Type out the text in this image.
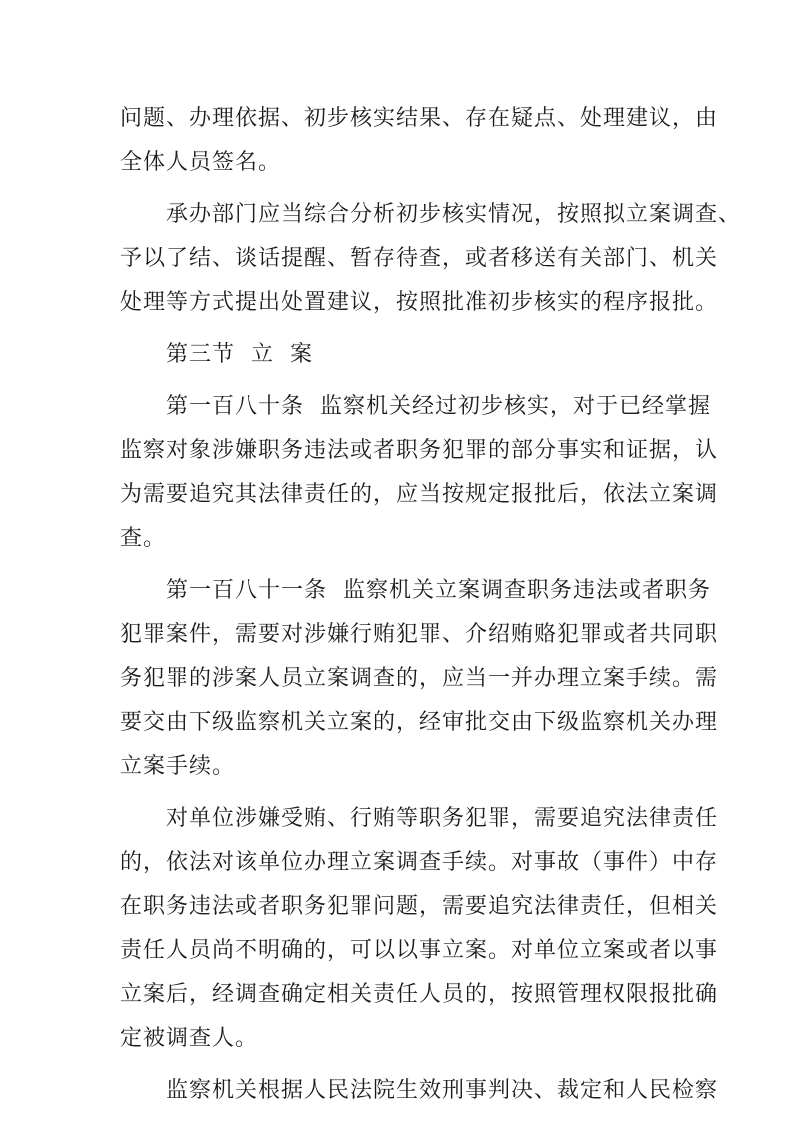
问题、办理依据、初步核实结果、存在疑点、处理建议，由
全体人员签名。
承办部门应当综合分析初步核实情况，按照拟立案调查、
予以了结、谈话提醒、暂存待查，或者移送有关部门、机关
处理等方式提出处置建议，按照批准初步核实的程序报批。
第三节  立  案
第一百八十条  监察机关经过初步核实，对于已经掌握
监察对象涉嫌职务违法或者职务犯罪的部分事实和证据，认
为需要追究其法律责任的，应当按规定报批后，依法立案调
查。
第一百八十一条  监察机关立案调查职务违法或者职务
犯罪案件，需要对涉嫌行贿犯罪、介绍贿赂犯罪或者共同职
务犯罪的涉案人员立案调查的，应当一并办理立案手续。需
要交由下级监察机关立案的，经审批交由下级监察机关办理
立案手续。
对单位涉嫌受贿、行贿等职务犯罪，需要追究法律责任
的，依法对该单位办理立案调查手续。对事故（事件）中存
在职务违法或者职务犯罪问题，需要追究法律责任，但相关
责任人员尚不明确的，可以以事立案。对单位立案或者以事
立案后，经调查确定相关责任人员的，按照管理权限报批确
定被调查人。
监察机关根据人民法院生效刑事判决、裁定和人民检察
